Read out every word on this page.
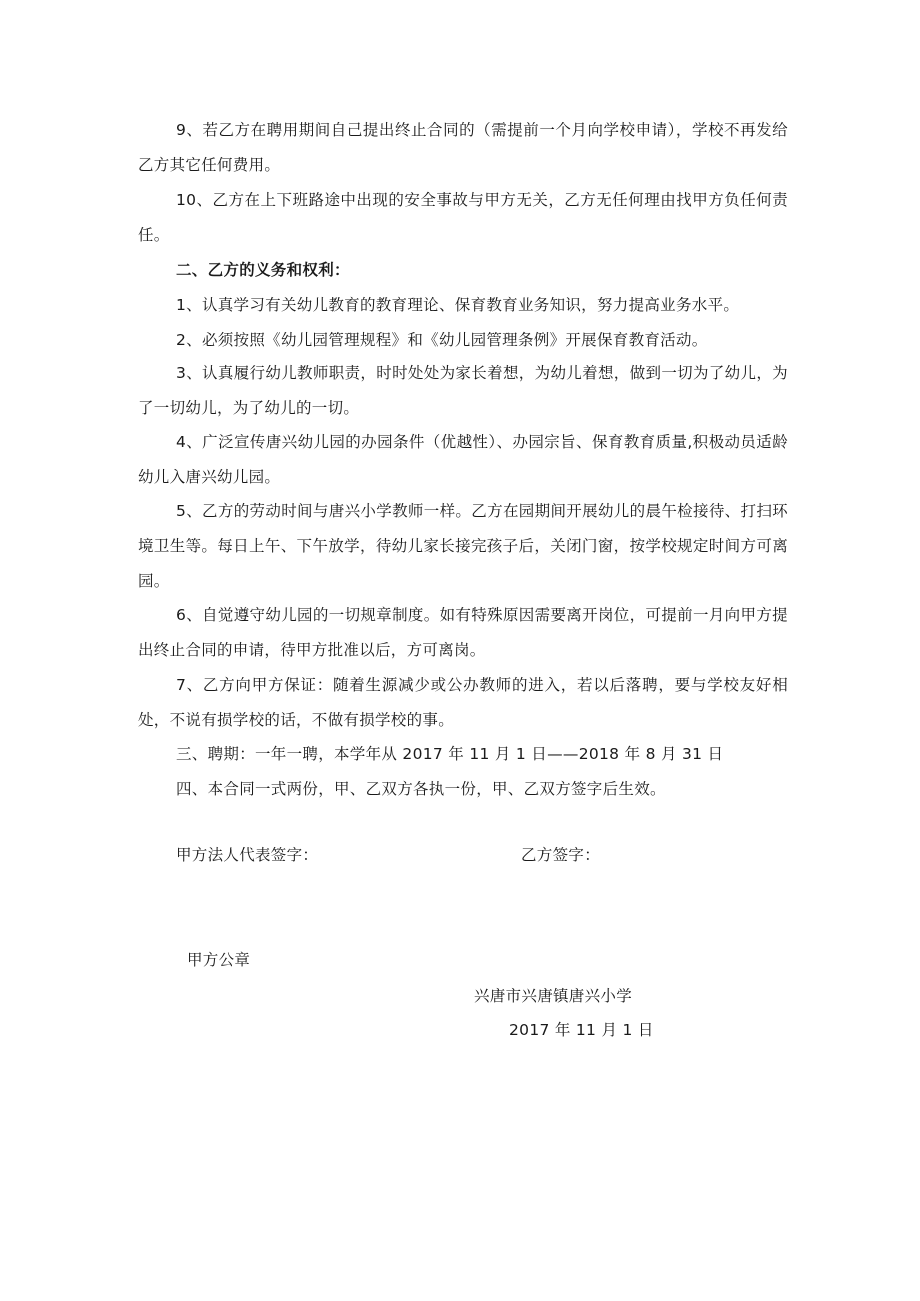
9、若乙方在聘用期间自己提出终止合同的（需提前一个月向学校申请），学校不再发给乙方其它任何费用。

10、乙方在上下班路途中出现的安全事故与甲方无关，乙方无任何理由找甲方负任何责任。

二、乙方的义务和权利：

1、认真学习有关幼儿教育的教育理论、保育教育业务知识，努力提高业务水平。

2、必须按照《幼儿园管理规程》和《幼儿园管理条例》开展保育教育活动。

3、认真履行幼儿教师职责，时时处处为家长着想，为幼儿着想，做到一切为了幼儿，为了一切幼儿，为了幼儿的一切。

4、广泛宣传唐兴幼儿园的办园条件（优越性）、办园宗旨、保育教育质量,积极动员适龄幼儿入唐兴幼儿园。

5、乙方的劳动时间与唐兴小学教师一样。乙方在园期间开展幼儿的晨午检接待、打扫环境卫生等。每日上午、下午放学，待幼儿家长接完孩子后，关闭门窗，按学校规定时间方可离园。

6、自觉遵守幼儿园的一切规章制度。如有特殊原因需要离开岗位，可提前一月向甲方提出终止合同的申请，待甲方批准以后，方可离岗。

7、乙方向甲方保证：随着生源减少或公办教师的进入，若以后落聘，要与学校友好相处，不说有损学校的话，不做有损学校的事。

三、聘期：一年一聘，本学年从 2017 年 11 月 1 日——2018 年 8 月 31 日

四、本合同一式两份，甲、乙双方各执一份，甲、乙双方签字后生效。

甲方法人代表签字：	乙方签字：

甲方公章

兴唐市兴唐镇唐兴小学

2017 年 11 月 1 日
